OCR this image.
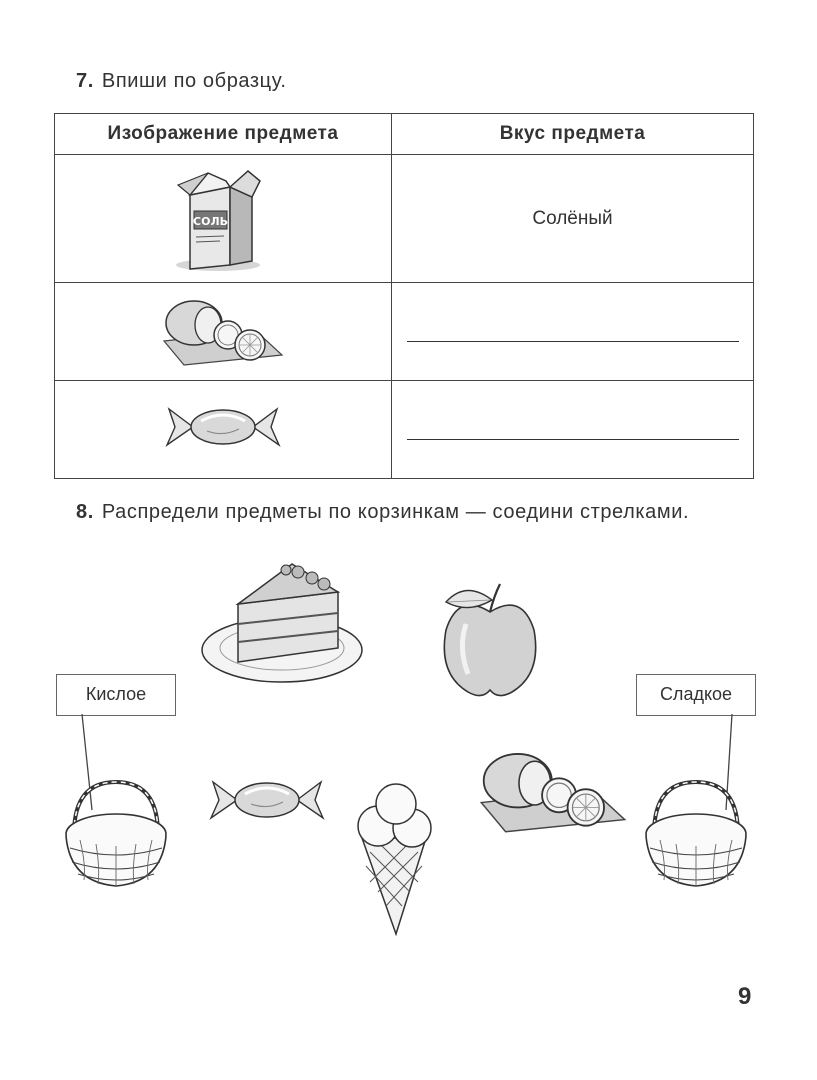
7. Впиши по образцу.
Изображение предмета	Вкус предмета

СОЛЬ	Солёный

8. Распредели предметы по корзинкам — соедини стрелками.
Кислое	Сладкое
9
